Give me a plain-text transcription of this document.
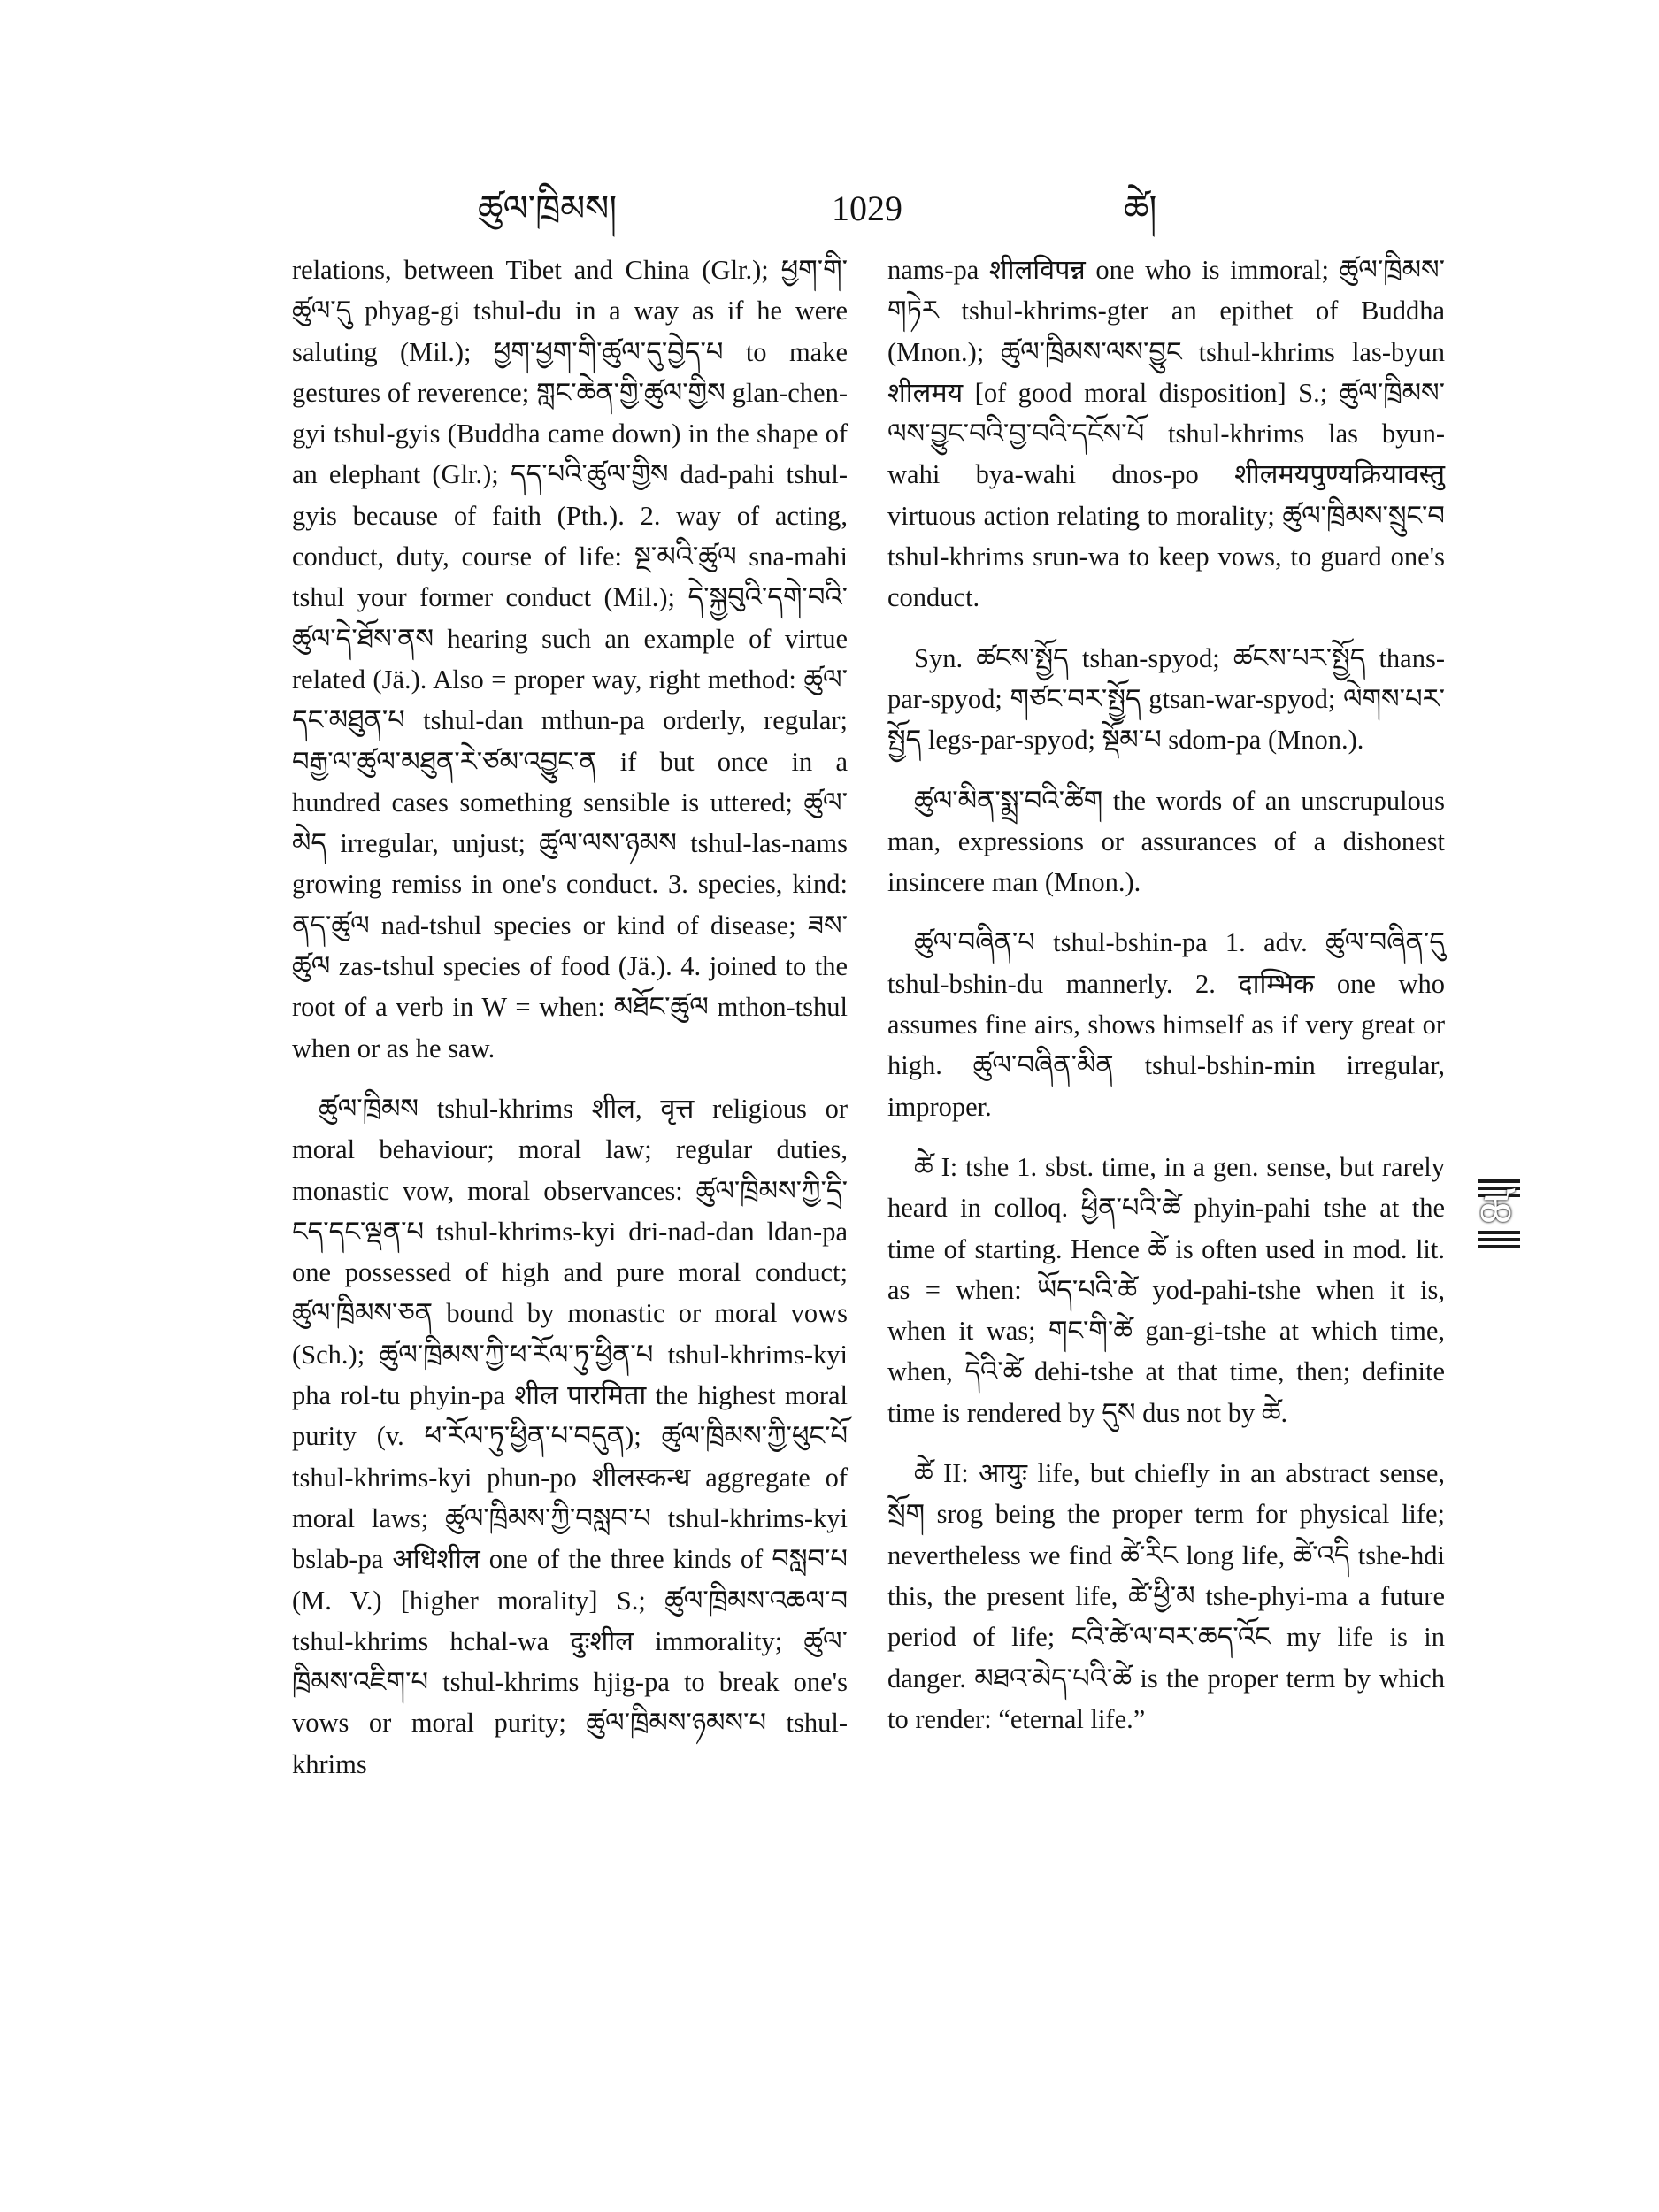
ཚུལ་ཁྲིམས།	1029	ཚེ།

relations, between Tibet and China (Glr.); ཕྱག་གི་ཚུལ་དུ phyag-gi tshul-du in a way as if he were saluting (Mil.); ཕྱག་ཕྱག་གི་ཚུལ་དུ་བྱེད་པ to make gestures of reverence; གླང་ཆེན་གྱི་ཚུལ་གྱིས glan-chen-gyi tshul-gyis (Buddha came down) in the shape of an elephant (Glr.); དད་པའི་ཚུལ་གྱིས dad-pahi tshul-gyis because of faith (Pth.). 2. way of acting, conduct, duty, course of life: སྔ་མའི་ཚུལ sna-mahi tshul your former conduct (Mil.); དེ་སྐྱབུའི་དགེ་བའི་ཚུལ་དེ་ཐོས་ནས hearing such an example of virtue related (Jä.). Also = proper way, right method: ཚུལ་དང་མཐུན་པ tshul-dan mthun-pa orderly, regular; བརྒྱ་ལ་ཚུལ་མཐུན་རེ་ཙམ་འབྱུང་ན if but once in a hundred cases something sensible is uttered; ཚུལ་མེད irregular, unjust; ཚུལ་ལས་ཉམས tshul-las-nams growing remiss in one's conduct. 3. species, kind: ནད་ཚུལ nad-tshul species or kind of disease; ཟས་ཚུལ zas-tshul species of food (Jä.). 4. joined to the root of a verb in W = when: མཐོང་ཚུལ mthon-tshul when or as he saw.

ཚུལ་ཁྲིམས tshul-khrims शील, वृत्त religious or moral behaviour; moral law; regular duties, monastic vow, moral observances: ཚུལ་ཁྲིམས་ཀྱི་དྲི་ངད་དང་ལྡན་པ tshul-khrims-kyi dri-nad-dan ldan-pa one possessed of high and pure moral conduct; ཚུལ་ཁྲིམས་ཅན bound by monastic or moral vows (Sch.); ཚུལ་ཁྲིམས་ཀྱི་ཕ་རོལ་ཏུ་ཕྱིན་པ tshul-khrims-kyi pha rol-tu phyin-pa शील पारमिता the highest moral purity (v. ཕ་རོལ་ཏུ་ཕྱིན་པ་བདུན); ཚུལ་ཁྲིམས་ཀྱི་ཕུང་པོ tshul-khrims-kyi phun-po शीलस्कन्ध aggregate of moral laws; ཚུལ་ཁྲིམས་ཀྱི་བསླབ་པ tshul-khrims-kyi bslab-pa अधिशील one of the three kinds of བསླབ་པ (M. V.) [higher morality] S.; ཚུལ་ཁྲིམས་འཆལ་བ tshul-khrims hchal-wa दुःशील immorality; ཚུལ་ཁྲིམས་འཇིག་པ tshul-khrims hjig-pa to break one's vows or moral purity; ཚུལ་ཁྲིམས་ཉམས་པ tshul-khrims

nams-pa शीलविपन्न one who is immoral; ཚུལ་ཁྲིམས་གཏེར tshul-khrims-gter an epithet of Buddha (Mnon.); ཚུལ་ཁྲིམས་ལས་བྱུང tshul-khrims las-byun शीलमय [of good moral disposition] S.; ཚུལ་ཁྲིམས་ལས་བྱུང་བའི་བྱ་བའི་དངོས་པོ tshul-khrims las byun-wahi bya-wahi dnos-po शीलमयपुण्यक्रियावस्तु virtuous action relating to morality; ཚུལ་ཁྲིམས་སྲུང་བ tshul-khrims srun-wa to keep vows, to guard one's conduct.

Syn. ཚངས་སྤྱོད tshan-spyod; ཚངས་པར་སྤྱོད thans-par-spyod; གཙང་བར་སྤྱོད gtsan-war-spyod; ལེགས་པར་སྤྱོད legs-par-spyod; སྡོམ་པ sdom-pa (Mnon.).

ཚུལ་མིན་སྨྲ་བའི་ཚིག the words of an unscrupulous man, expressions or assurances of a dishonest insincere man (Mnon.).

ཚུལ་བཞིན་པ tshul-bshin-pa 1. adv. ཚུལ་བཞིན་དུ tshul-bshin-du mannerly. 2. दाम्भिक one who assumes fine airs, shows himself as if very great or high. ཚུལ་བཞིན་མིན tshul-bshin-min irregular, improper.

ཚེ I: tshe 1. sbst. time, in a gen. sense, but rarely heard in colloq. ཕྱིན་པའི་ཚེ phyin-pahi tshe at the time of starting. Hence ཚེ is often used in mod. lit. as = when: ཡོད་པའི་ཚེ yod-pahi-tshe when it is, when it was; གང་གི་ཚེ gan-gi-tshe at which time, when, དེའི་ཚེ dehi-tshe at that time, then; definite time is rendered by དུས dus not by ཚེ.

ཚེ II: आयुः life, but chiefly in an abstract sense, སྲོག srog being the proper term for physical life; nevertheless we find ཚེ་རིང long life, ཚེ་འདི tshe-hdi this, the present life, ཚེ་ཕྱི་མ tshe-phyi-ma a future period of life; ངའི་ཚེ་ལ་བར་ཆད་འོང my life is in danger. མཐའ་མེད་པའི་ཚེ is the proper term by which to render: “eternal life.”

ཚ
